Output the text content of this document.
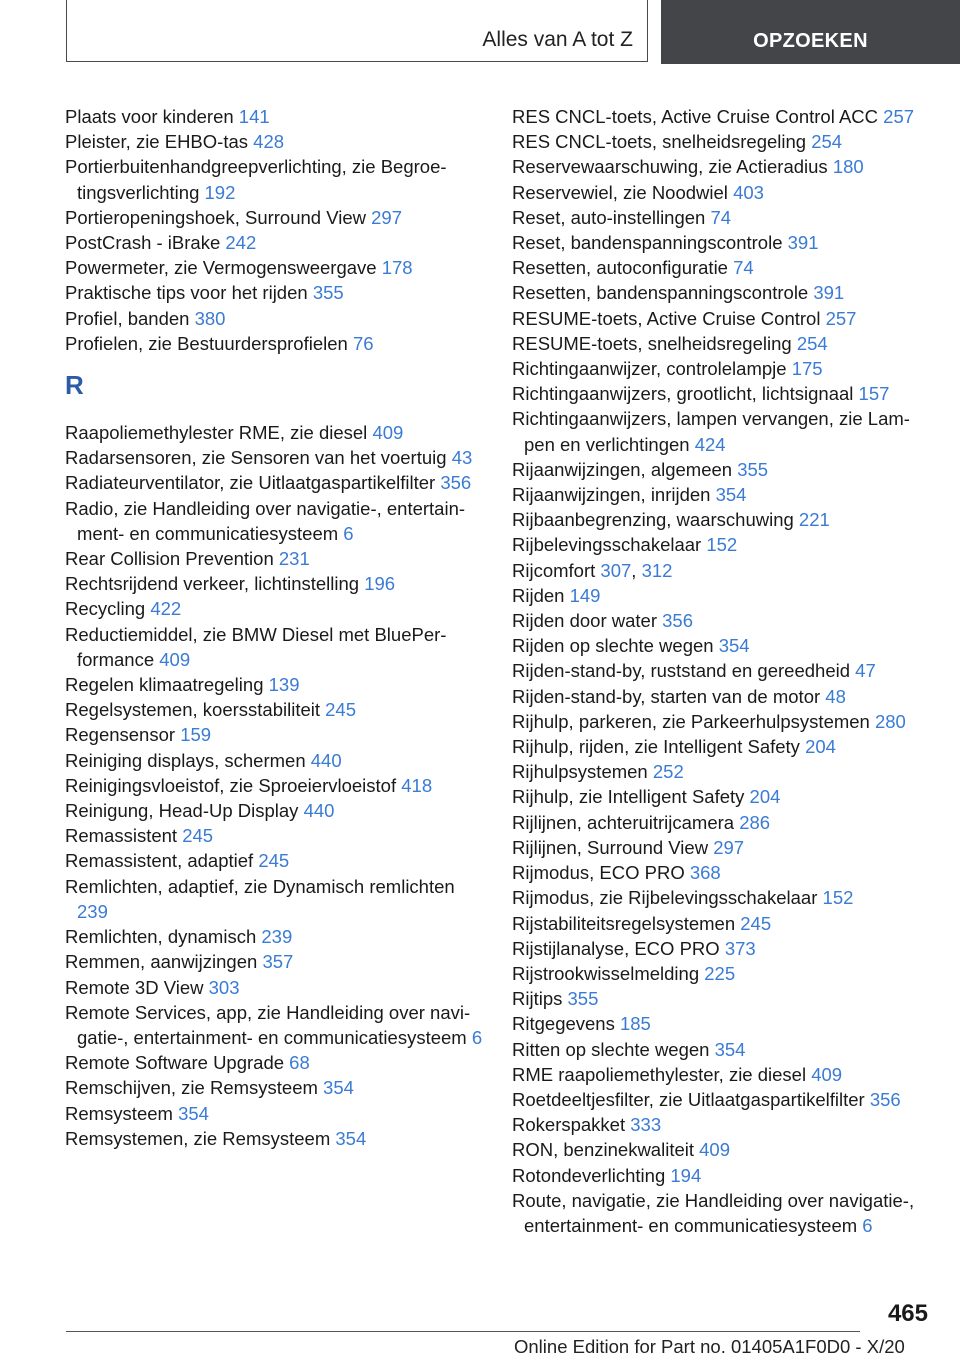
Alles van A tot Z	OPZOEKEN
Plaats voor kinderen 141
Pleister, zie EHBO-tas 428
Portierbuitenhandgreepverlichting, zie Begroetingsverlichting 192
Portieropeningshoek, Surround View 297
PostCrash - iBrake 242
Powermeter, zie Vermogensweergave 178
Praktische tips voor het rijden 355
Profiel, banden 380
Profielen, zie Bestuurdersprofielen 76
R
Raapoliemethylester RME, zie diesel 409
Radarsensoren, zie Sensoren van het voertuig 43
Radiateurventilator, zie Uitlaatgaspartikelfilter 356
Radio, zie Handleiding over navigatie-, entertainment- en communicatiesysteem 6
Rear Collision Prevention 231
Rechtsrijdend verkeer, lichtinstelling 196
Recycling 422
Reductiemiddel, zie BMW Diesel met BluePerformance 409
Regelen klimaatregeling 139
Regelsystemen, koersstabiliteit 245
Regensensor 159
Reiniging displays, schermen 440
Reinigingsvloeistof, zie Sproeiervloeistof 418
Reinigung, Head-Up Display 440
Remassistent 245
Remassistent, adaptief 245
Remlichten, adaptief, zie Dynamisch remlichten 239
Remlichten, dynamisch 239
Remmen, aanwijzingen 357
Remote 3D View 303
Remote Services, app, zie Handleiding over navigatie-, entertainment- en communicatiesysteem 6
Remote Software Upgrade 68
Remschijven, zie Remsysteem 354
Remsysteem 354
Remsystemen, zie Remsysteem 354
RES CNCL-toets, Active Cruise Control ACC 257
RES CNCL-toets, snelheidsregeling 254
Reservewaarschuwing, zie Actieradius 180
Reservewiel, zie Noodwiel 403
Reset, auto-instellingen 74
Reset, bandenspanningscontrole 391
Resetten, autoconfiguratie 74
Resetten, bandenspanningscontrole 391
RESUME-toets, Active Cruise Control 257
RESUME-toets, snelheidsregeling 254
Richtingaanwijzer, controlelampje 175
Richtingaanwijzers, grootlicht, lichtsignaal 157
Richtingaanwijzers, lampen vervangen, zie Lampen en verlichtingen 424
Rijaanwijzingen, algemeen 355
Rijaanwijzingen, inrijden 354
Rijbaanbegrenzing, waarschuwing 221
Rijbelevingsschakelaar 152
Rijcomfort 307, 312
Rijden 149
Rijden door water 356
Rijden op slechte wegen 354
Rijden-stand-by, ruststand en gereedheid 47
Rijden-stand-by, starten van de motor 48
Rijhulp, parkeren, zie Parkeerhulpsystemen 280
Rijhulp, rijden, zie Intelligent Safety 204
Rijhulpsystemen 252
Rijhulp, zie Intelligent Safety 204
Rijlijnen, achteruitrijcamera 286
Rijlijnen, Surround View 297
Rijmodus, ECO PRO 368
Rijmodus, zie Rijbelevingsschakelaar 152
Rijstabiliteitsregelsystemen 245
Rijstijlanalyse, ECO PRO 373
Rijstrookwisselmelding 225
Rijtips 355
Ritgegevens 185
Ritten op slechte wegen 354
RME raapoliemethylester, zie diesel 409
Roetdeeltjesfilter, zie Uitlaatgaspartikelfilter 356
Rokerspakket 333
RON, benzinekwaliteit 409
Rotondeverlichting 194
Route, navigatie, zie Handleiding over navigatie-, entertainment- en communicatiesysteem 6
465
Online Edition for Part no. 01405A1F0D0 - X/20
